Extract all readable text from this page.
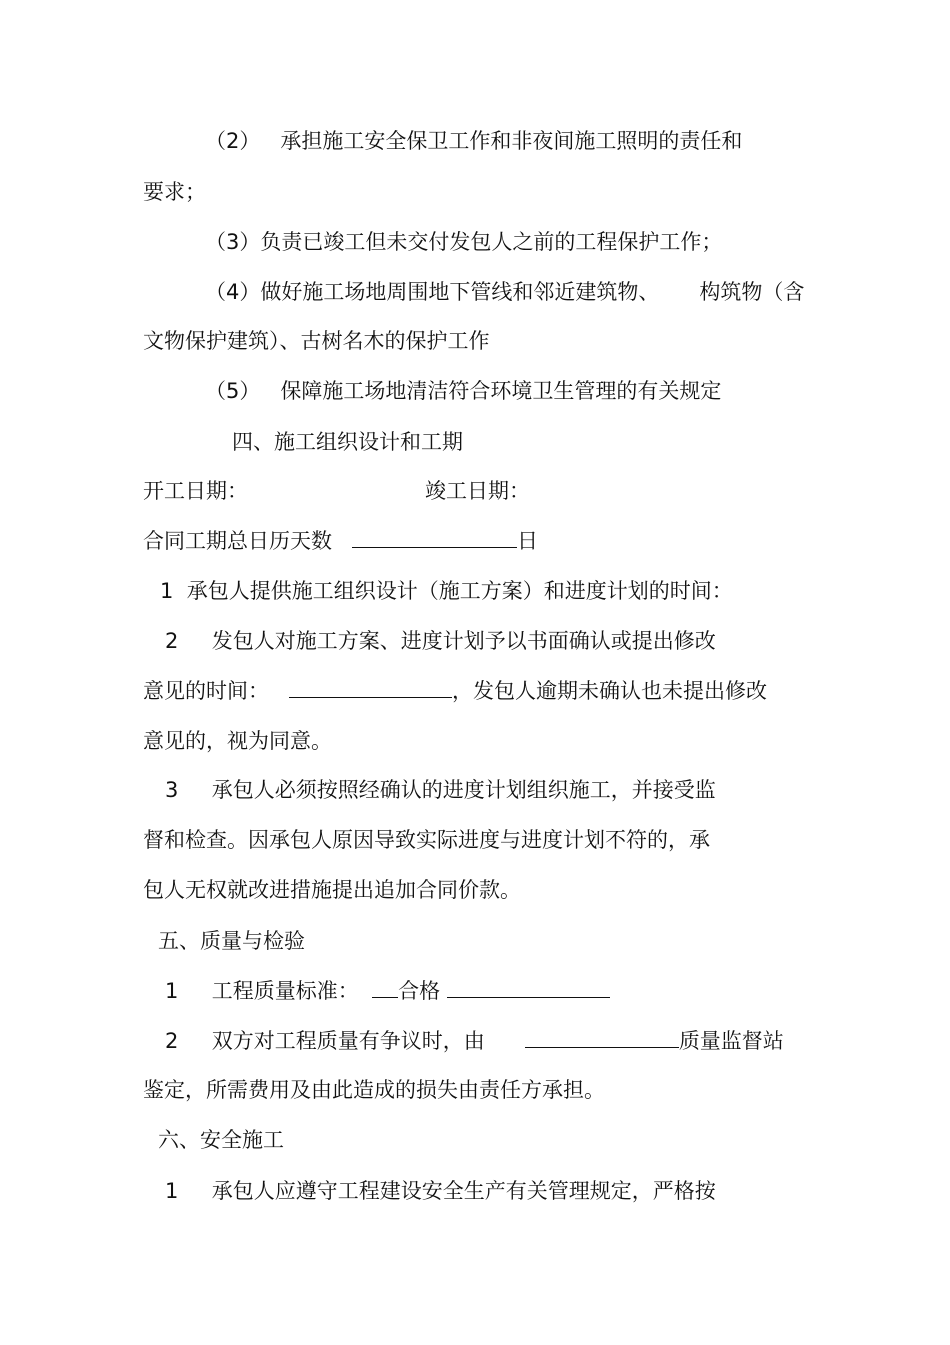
（2）   承担施工安全保卫工作和非夜间施工照明的责任和
要求；
（3）负责已竣工但未交付发包人之前的工程保护工作；
（4）做好施工场地周围地下管线和邻近建筑物、      构筑物（含
文物保护建筑）、古树名木的保护工作
（5）   保障施工场地清洁符合环境卫生管理的有关规定
四、施工组织设计和工期
开工日期：	竣工日期：
合同工期总日历天数	日
1  承包人提供施工组织设计（施工方案）和进度计划的时间：
2     发包人对施工方案、进度计划予以书面确认或提出修改
意见的时间：	，发包人逾期未确认也未提出修改
意见的，视为同意。
3     承包人必须按照经确认的进度计划组织施工，并接受监
督和检查。因承包人原因导致实际进度与进度计划不符的，承
包人无权就改进措施提出追加合同价款。
五、质量与检验
1     工程质量标准： 合格
2     双方对工程质量有争议时，由	质量监督站
鉴定，所需费用及由此造成的损失由责任方承担。
六、安全施工
1     承包人应遵守工程建设安全生产有关管理规定，严格按
